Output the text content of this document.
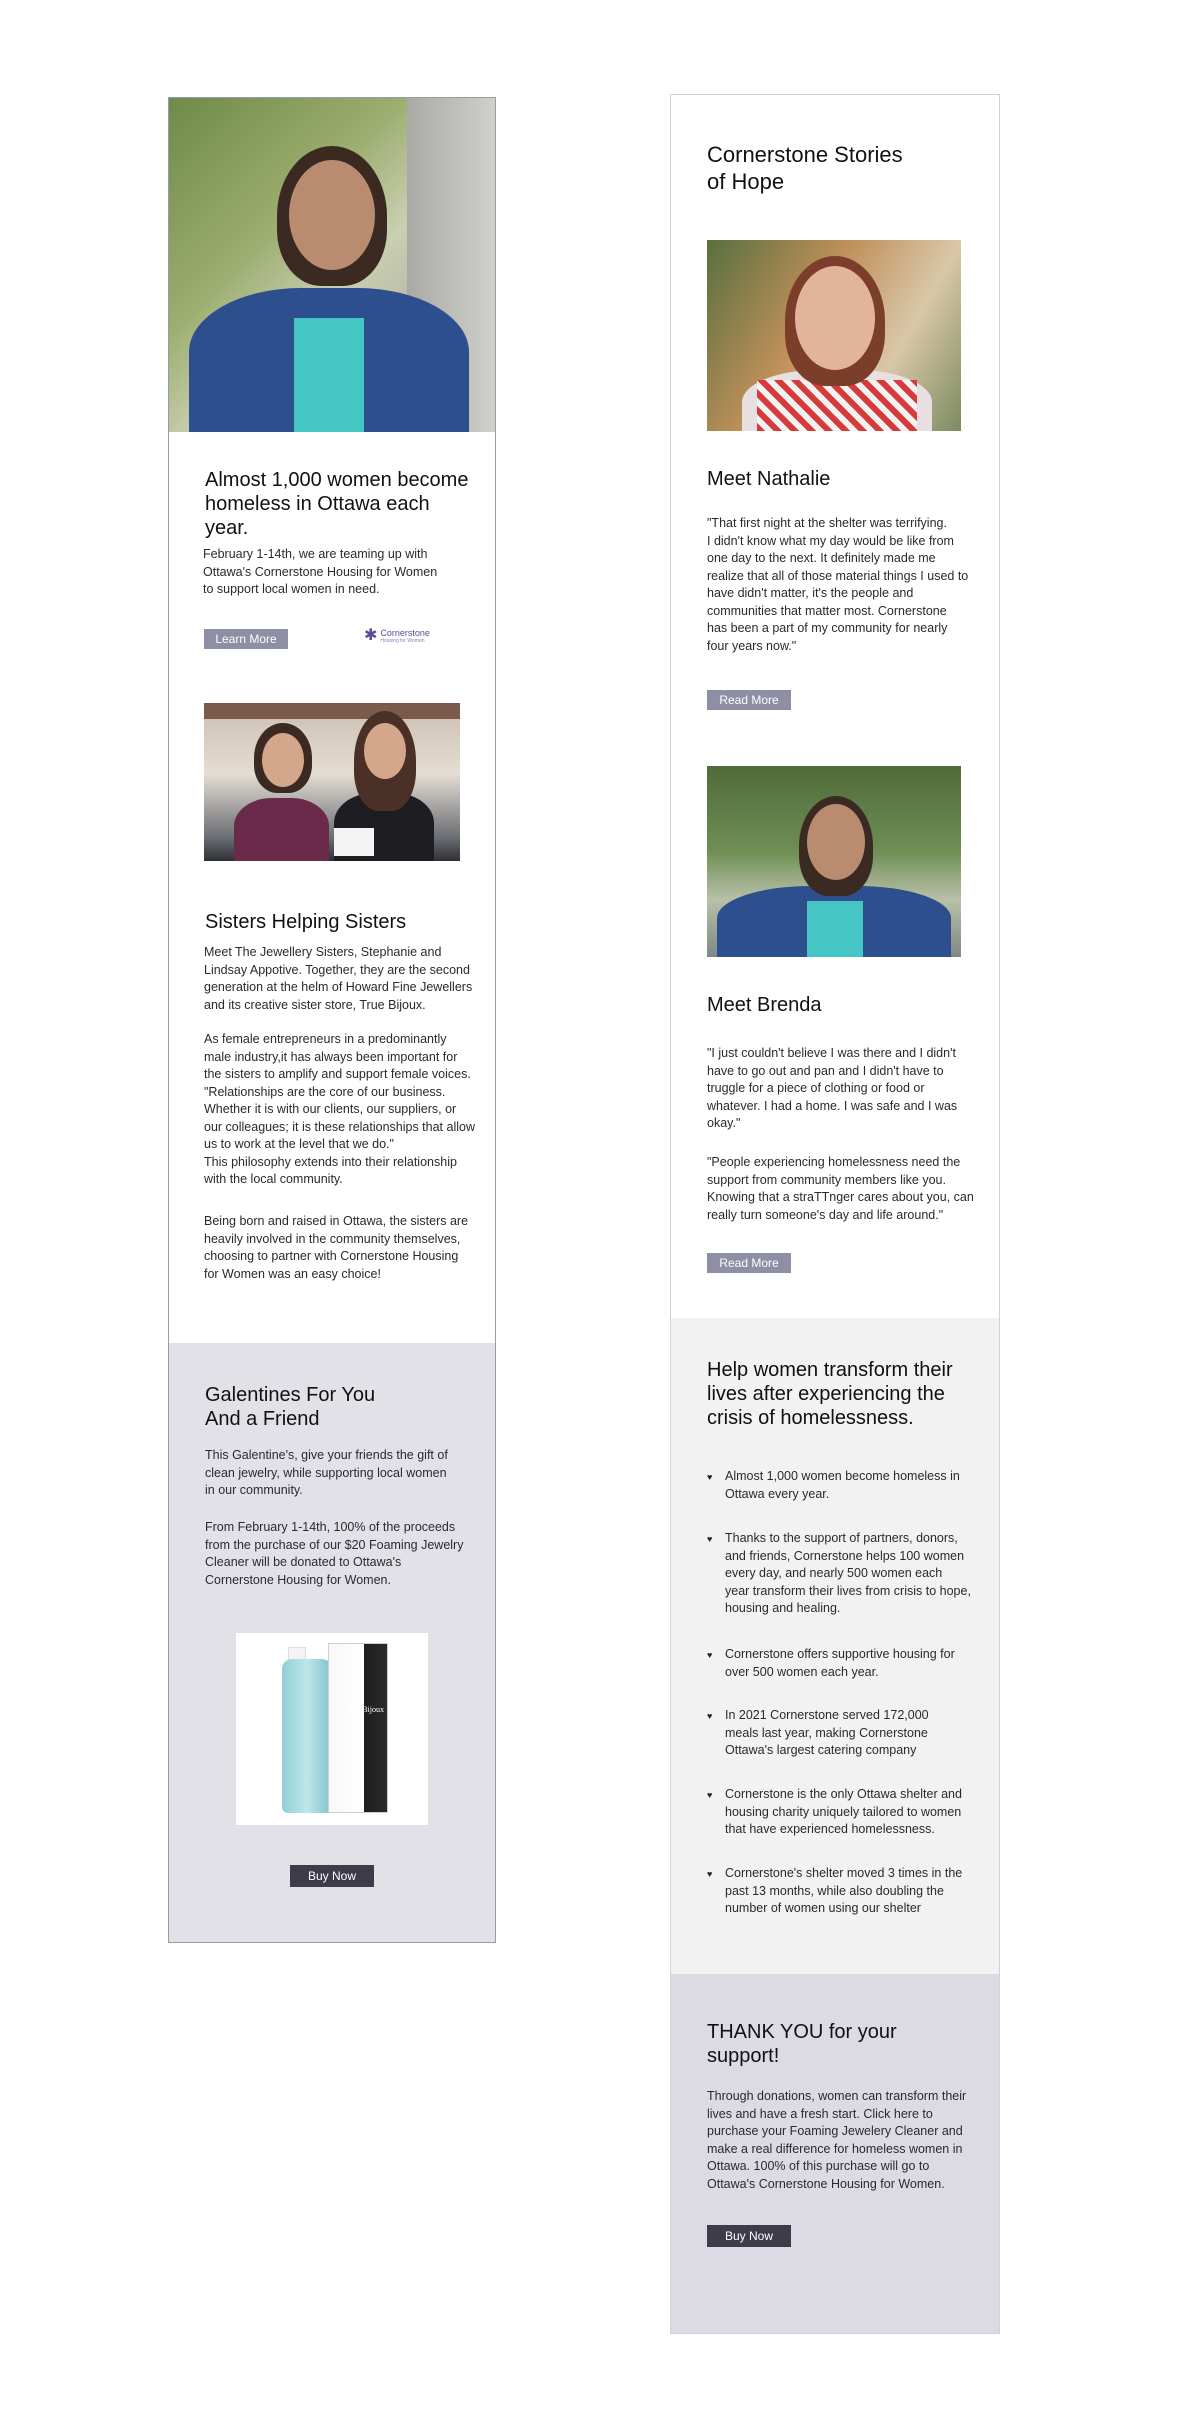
Almost 1,000 women become homeless in Ottawa each year.

February 1-14th, we are teaming up with
Ottawa's Cornerstone Housing for Women
to support local women in need.

Learn More	✱ Cornerstone
Housing for Women
Sisters Helping Sisters

Meet The Jewellery Sisters, Stephanie and
Lindsay Appotive. Together, they are the second
generation at the helm of Howard Fine Jewellers
and its creative sister store, True Bijoux.

As female entrepreneurs in a predominantly
male industry,it has always been important for
the sisters to amplify and support female voices.
"Relationships are the core of our business.
Whether it is with our clients, our suppliers, or
our colleagues; it is these relationships that allow
us to work at the level that we do."
This philosophy extends into their relationship
with the local community.

Being born and raised in Ottawa, the sisters are
heavily involved in the community themselves,
choosing to partner with Cornerstone Housing
for Women was an easy choice!

Galentines For You
And a Friend

This Galentine's, give your friends the gift of
clean jewelry, while supporting local women
in our community.

From February 1-14th, 100% of the proceeds
from the purchase of our $20 Foaming Jewelry
Cleaner will be donated to Ottawa's
Cornerstone Housing for Women.

True Bijoux
Buy Now
Cornerstone Stories
of Hope
Meet Nathalie

"That first night at the shelter was terrifying.
I didn't know what my day would be like from
one day to the next. It definitely made me
realize that all of those material things I used to
have didn't matter, it's the people and
communities that matter most. Cornerstone
has been a part of my community for nearly
four years now."

Read More
Meet Brenda

"I just couldn't believe I was there and I didn't
have to go out and pan and I didn't have to
truggle for a piece of clothing or food or
whatever. I had a home. I was safe and I was
okay."

"People experiencing homelessness need the
support from community members like you.
Knowing that a straTTnger cares about you, can
really turn someone's day and life around."

Read More
Help women transform their
lives after experiencing the
crisis of homelessness.
♥ Almost 1,000 women become homeless in
Ottawa every year.
♥ Thanks to the support of partners, donors,
and friends, Cornerstone helps 100 women
every day, and nearly 500 women each
year transform their lives from crisis to hope,
housing and healing.
♥ Cornerstone offers supportive housing for
over 500 women each year.
♥ In 2021 Cornerstone served 172,000
meals last year, making Cornerstone
Ottawa's largest catering company
♥ Cornerstone is the only Ottawa shelter and
housing charity uniquely tailored to women
that have experienced homelessness.
♥ Cornerstone's shelter moved 3 times in the
past 13 months, while also doubling the
number of women using our shelter
THANK YOU for your
support!

Through donations, women can transform their
lives and have a fresh start. Click here to
purchase your Foaming Jewelery Cleaner and
make a real difference for homeless women in
Ottawa. 100% of this purchase will go to
Ottawa's Cornerstone Housing for Women.

Buy Now
